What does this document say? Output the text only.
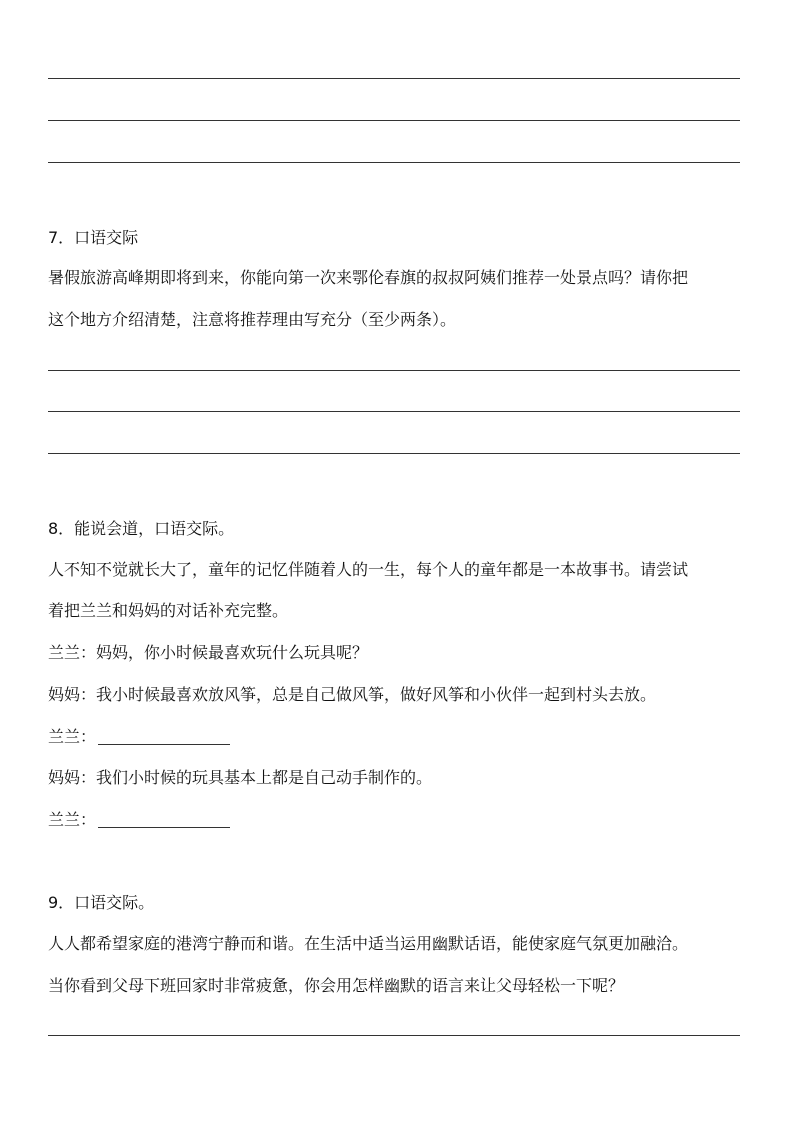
7．口语交际
暑假旅游高峰期即将到来，你能向第一次来鄂伦春旗的叔叔阿姨们推荐一处景点吗？请你把
这个地方介绍清楚，注意将推荐理由写充分（至少两条）。
8．能说会道，口语交际。
人不知不觉就长大了，童年的记忆伴随着人的一生，每个人的童年都是一本故事书。请尝试
着把兰兰和妈妈的对话补充完整。
兰兰：妈妈，你小时候最喜欢玩什么玩具呢？
妈妈：我小时候最喜欢放风筝，总是自己做风筝，做好风筝和小伙伴一起到村头去放。
兰兰：
妈妈：我们小时候的玩具基本上都是自己动手制作的。
兰兰：
9．口语交际。
人人都希望家庭的港湾宁静而和谐。在生活中适当运用幽默话语，能使家庭气氛更加融洽。
当你看到父母下班回家时非常疲惫，你会用怎样幽默的语言来让父母轻松一下呢？
